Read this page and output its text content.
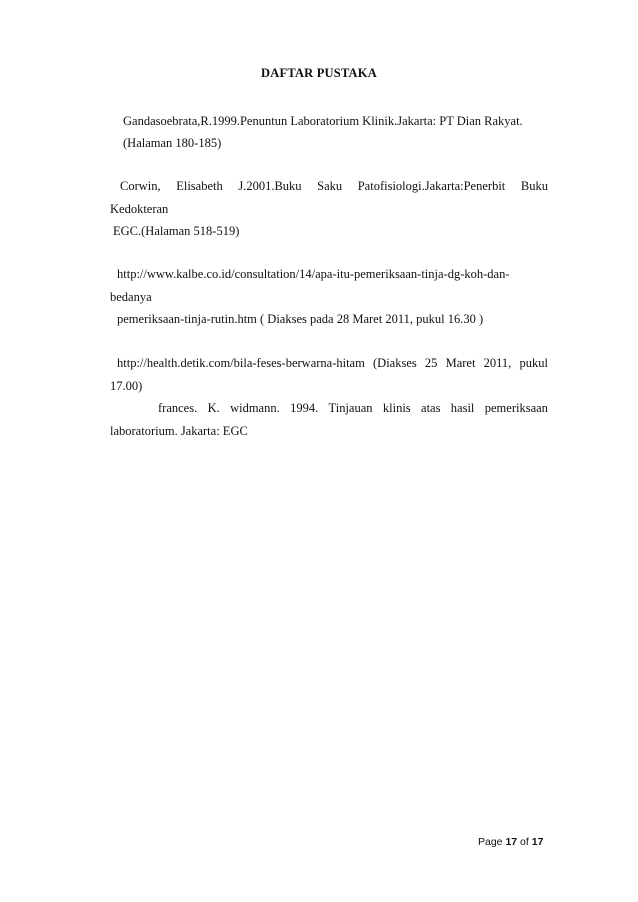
DAFTAR PUSTAKA
Gandasoebrata,R.1999.Penuntun Laboratorium Klinik.Jakarta: PT Dian Rakyat.
(Halaman 180-185)
Corwin, Elisabeth J.2001.Buku Saku Patofisiologi.Jakarta:Penerbit Buku
Kedokteran
EGC.(Halaman 518-519)
http://www.kalbe.co.id/consultation/14/apa-itu-pemeriksaan-tinja-dg-koh-dan-
bedanya
pemeriksaan-tinja-rutin.htm ( Diakses pada 28 Maret 2011, pukul 16.30 )
http://health.detik.com/bila-feses-berwarna-hitam (Diakses 25 Maret 2011, pukul
17.00)
frances. K. widmann. 1994. Tinjauan klinis atas hasil pemeriksaan
laboratorium. Jakarta: EGC
Page 17 of 17
